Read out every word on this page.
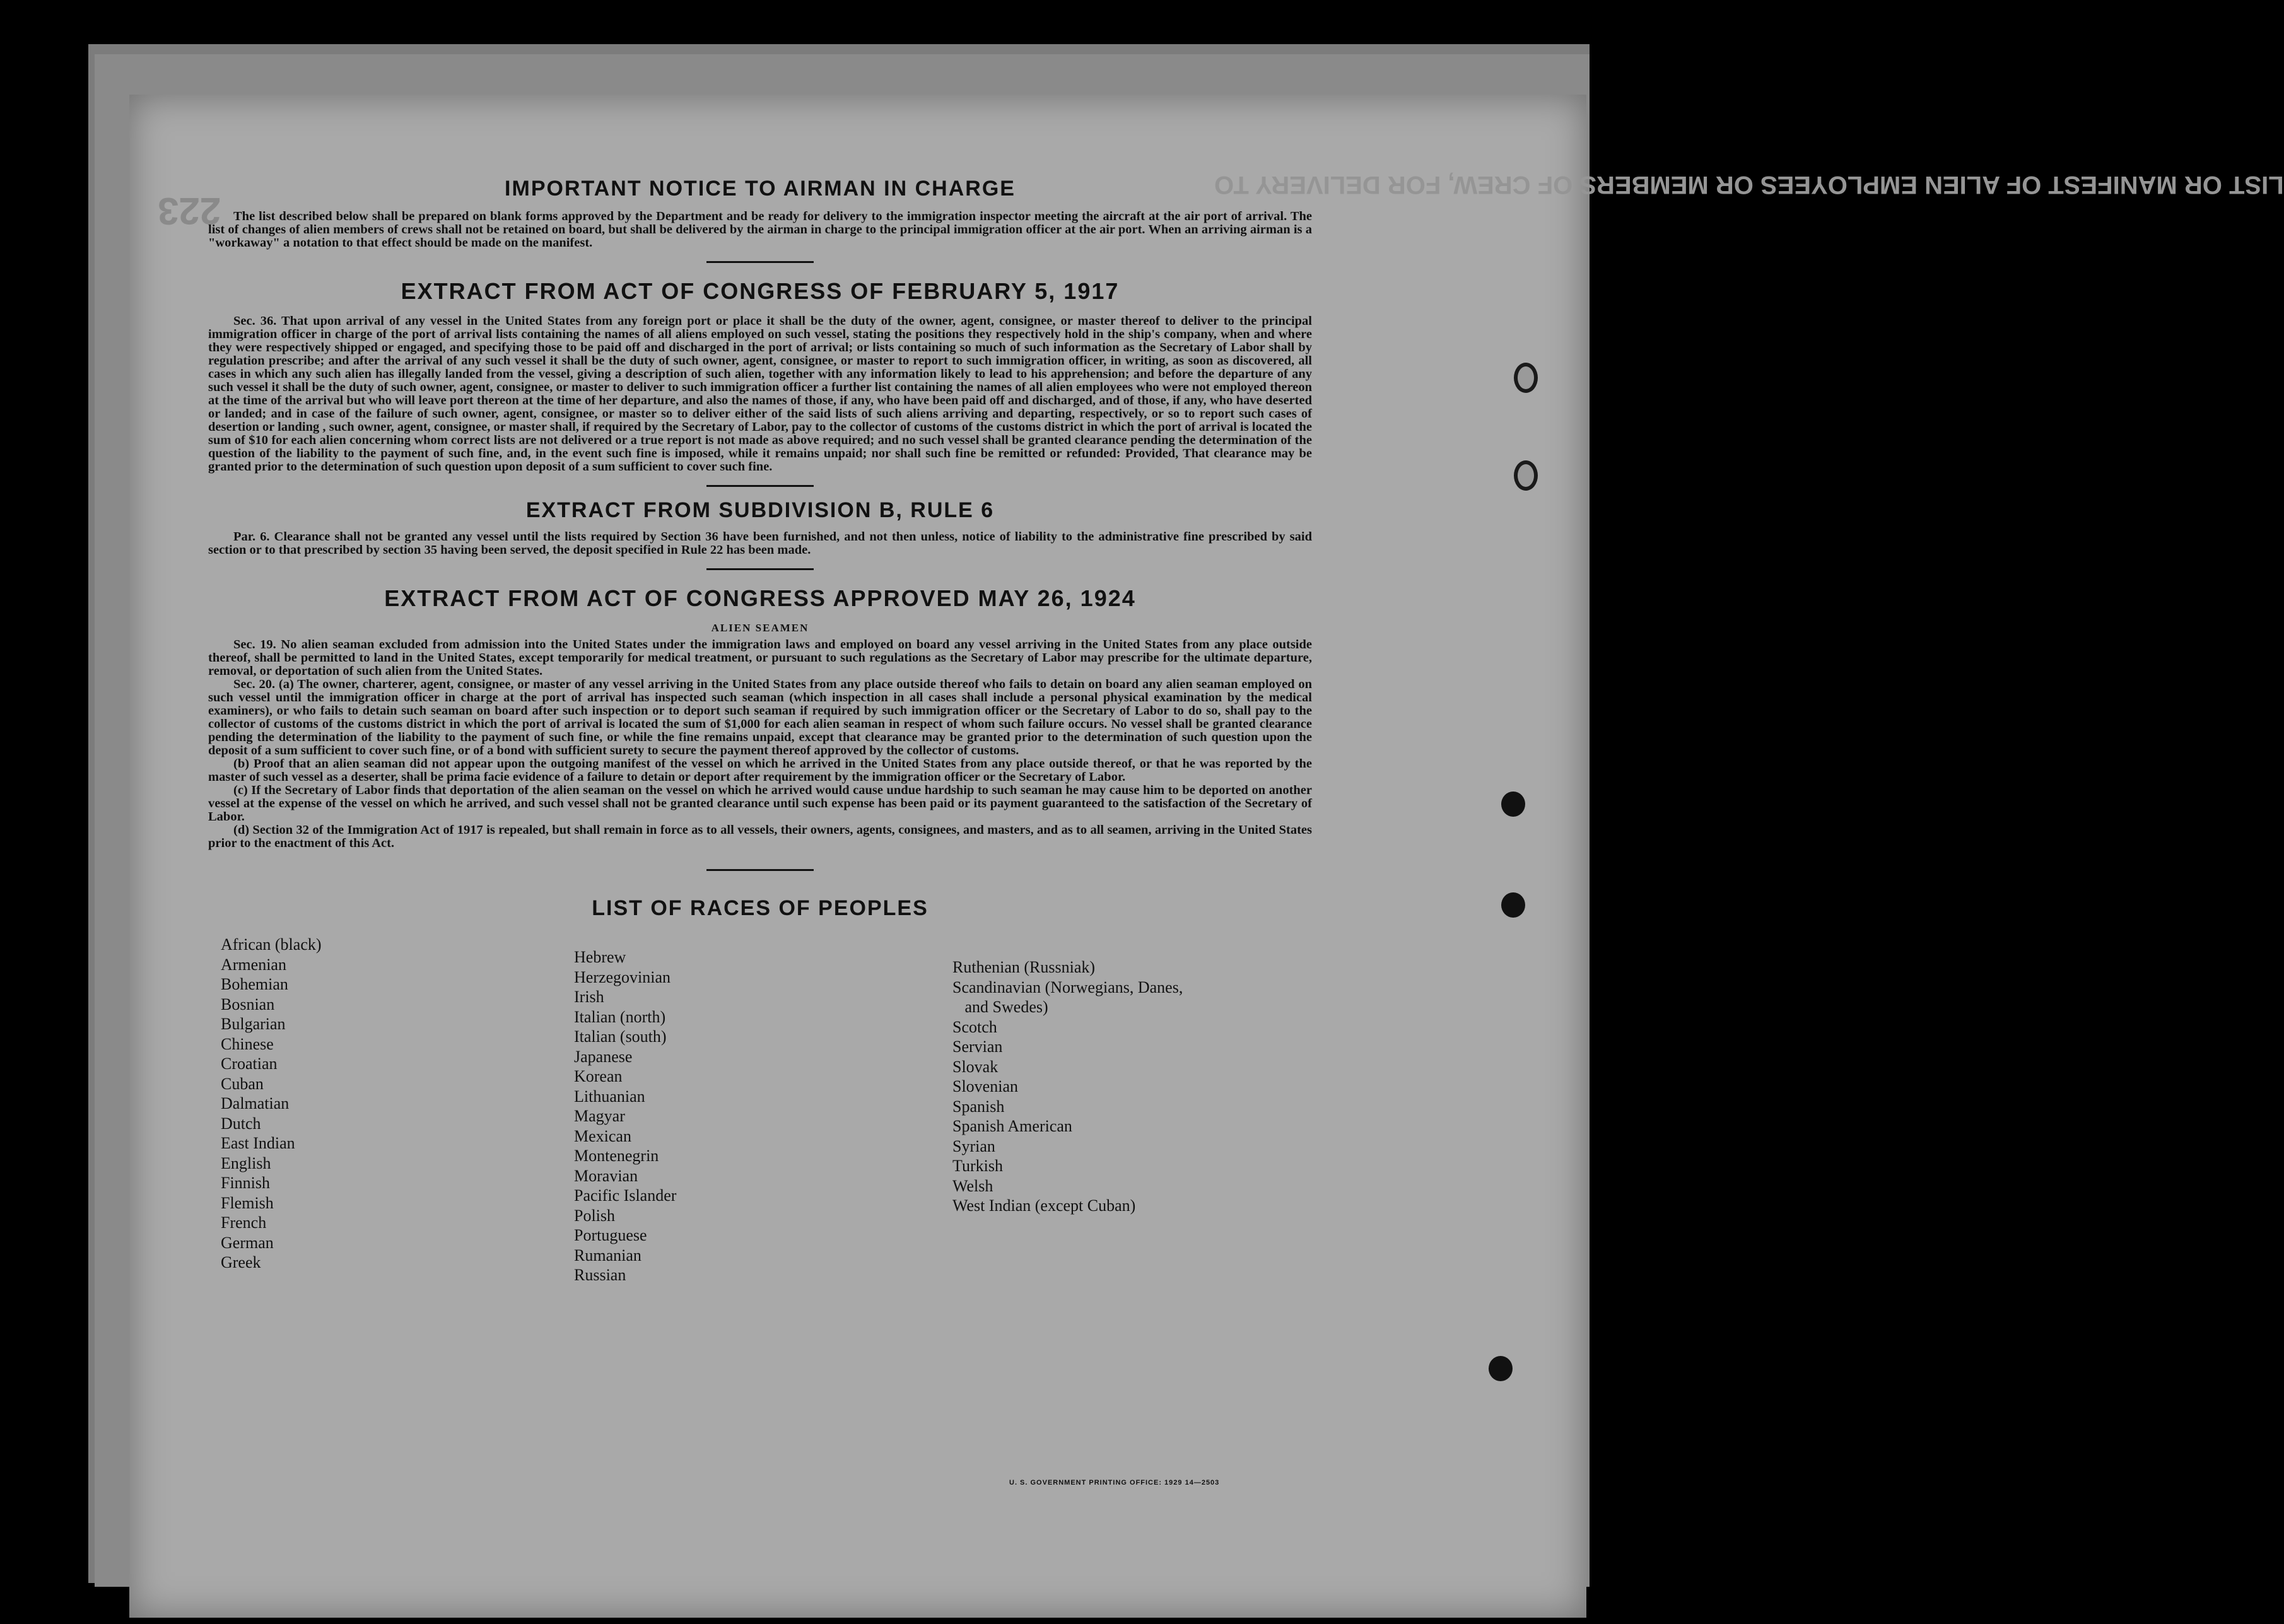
223
LIST OR MANIFEST OF ALIEN EMPLOYEES OR MEMBERS OF CREW, FOR DELIVERY TO
IMPORTANT NOTICE TO AIRMAN IN CHARGE

The list described below shall be prepared on blank forms approved by the Department and be ready for delivery to the immigration inspector meeting the aircraft at the air port of arrival. The list of changes of alien members of crews shall not be retained on board, but shall be delivered by the airman in charge to the principal immigration officer at the air port. When an arriving airman is a "workaway" a notation to that effect should be made on the manifest.

EXTRACT FROM ACT OF CONGRESS OF FEBRUARY 5, 1917

Sec. 36. That upon arrival of any vessel in the United States from any foreign port or place it shall be the duty of the owner, agent, consignee, or master thereof to deliver to the principal immigration officer in charge of the port of arrival lists containing the names of all aliens employed on such vessel, stating the positions they respectively hold in the ship's company, when and where they were respectively shipped or engaged, and specifying those to be paid off and discharged in the port of arrival; or lists containing so much of such information as the Secretary of Labor shall by regulation prescribe; and after the arrival of any such vessel it shall be the duty of such owner, agent, consignee, or master to report to such immigration officer, in writing, as soon as discovered, all cases in which any such alien has illegally landed from the vessel, giving a description of such alien, together with any information likely to lead to his apprehension; and before the departure of any such vessel it shall be the duty of such owner, agent, consignee, or master to deliver to such immigration officer a further list containing the names of all alien employees who were not employed thereon at the time of the arrival but who will leave port thereon at the time of her departure, and also the names of those, if any, who have been paid off and discharged, and of those, if any, who have deserted or landed; and in case of the failure of such owner, agent, consignee, or master so to deliver either of the said lists of such aliens arriving and departing, respectively, or so to report such cases of desertion or landing , such owner, agent, consignee, or master shall, if required by the Secretary of Labor, pay to the collector of customs of the customs district in which the port of arrival is located the sum of $10 for each alien concerning whom correct lists are not delivered or a true report is not made as above required; and no such vessel shall be granted clearance pending the determination of the question of the liability to the payment of such fine, and, in the event such fine is imposed, while it remains unpaid; nor shall such fine be remitted or refunded: Provided, That clearance may be granted prior to the determination of such question upon deposit of a sum sufficient to cover such fine.

EXTRACT FROM SUBDIVISION B, RULE 6

Par. 6. Clearance shall not be granted any vessel until the lists required by Section 36 have been furnished, and not then unless, notice of liability to the administrative fine prescribed by said section or to that prescribed by section 35 having been served, the deposit specified in Rule 22 has been made.

EXTRACT FROM ACT OF CONGRESS APPROVED MAY 26, 1924
ALIEN SEAMEN

Sec. 19. No alien seaman excluded from admission into the United States under the immigration laws and employed on board any vessel arriving in the United States from any place outside thereof, shall be permitted to land in the United States, except temporarily for medical treatment, or pursuant to such regulations as the Secretary of Labor may prescribe for the ultimate departure, removal, or deportation of such alien from the United States.

Sec. 20. (a) The owner, charterer, agent, consignee, or master of any vessel arriving in the United States from any place outside thereof who fails to detain on board any alien seaman employed on such vessel until the immigration officer in charge at the port of arrival has inspected such seaman (which inspection in all cases shall include a personal physical examination by the medical examiners), or who fails to detain such seaman on board after such inspection or to deport such seaman if required by such immigration officer or the Secretary of Labor to do so, shall pay to the collector of customs of the customs district in which the port of arrival is located the sum of $1,000 for each alien seaman in respect of whom such failure occurs. No vessel shall be granted clearance pending the determination of the liability to the payment of such fine, or while the fine remains unpaid, except that clearance may be granted prior to the determination of such question upon the deposit of a sum sufficient to cover such fine, or of a bond with sufficient surety to secure the payment thereof approved by the collector of customs.

(b) Proof that an alien seaman did not appear upon the outgoing manifest of the vessel on which he arrived in the United States from any place outside thereof, or that he was reported by the master of such vessel as a deserter, shall be prima facie evidence of a failure to detain or deport after requirement by the immigration officer or the Secretary of Labor.

(c) If the Secretary of Labor finds that deportation of the alien seaman on the vessel on which he arrived would cause undue hardship to such seaman he may cause him to be deported on another vessel at the expense of the vessel on which he arrived, and such vessel shall not be granted clearance until such expense has been paid or its payment guaranteed to the satisfaction of the Secretary of Labor.

(d) Section 32 of the Immigration Act of 1917 is repealed, but shall remain in force as to all vessels, their owners, agents, consignees, and masters, and as to all seamen, arriving in the United States prior to the enactment of this Act.

LIST OF RACES OF PEOPLES
African (black)
Armenian
Bohemian
Bosnian
Bulgarian
Chinese
Croatian
Cuban
Dalmatian
Dutch
East Indian
English
Finnish
Flemish
French
German
Greek
Hebrew
Herzegovinian
Irish
Italian (north)
Italian (south)
Japanese
Korean
Lithuanian
Magyar
Mexican
Montenegrin
Moravian
Pacific Islander
Polish
Portuguese
Rumanian
Russian
Ruthenian (Russniak)
Scandinavian (Norwegians, Danes,
and Swedes)
Scotch
Servian
Slovak
Slovenian
Spanish
Spanish American
Syrian
Turkish
Welsh
West Indian (except Cuban)
U. S. GOVERNMENT PRINTING OFFICE: 1929 14—2503
